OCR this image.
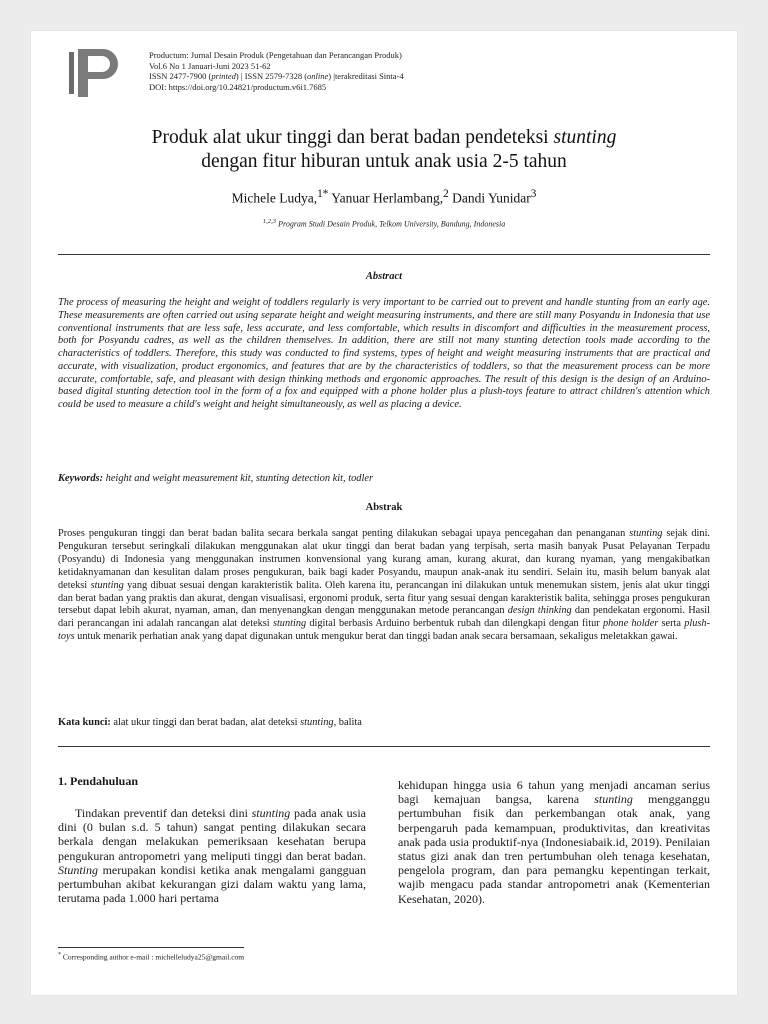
Productum: Jurnal Desain Produk (Pengetahuan dan Perancangan Produk)
Vol.6 No 1 Januari-Juni 2023 51-62
ISSN 2477-7900 (printed) | ISSN 2579-7328 (online) |terakreditasi Sinta-4
DOI: https://doi.org/10.24821/productum.v6i1.7685
Produk alat ukur tinggi dan berat badan pendeteksi stunting
dengan fitur hiburan untuk anak usia 2-5 tahun
Michele Ludya,$^{1*}$ Yanuar Herlambang,$^2$ Dandi Yunidar$^3$
$^{1,2,3}$ Program Studi Desain Produk, Telkom University, Bandung, Indonesia
Abstract
The process of measuring the height and weight of toddlers regularly is very important to be carried out to prevent and handle stunting from an early age. These measurements are often carried out using separate height and weight measuring instruments, and there are still many Posyandu in Indonesia that use conventional instruments that are less safe, less accurate, and less comfortable, which results in discomfort and difficulties in the measurement process, both for Posyandu cadres, as well as the children themselves. In addition, there are still not many stunting detection tools made according to the characteristics of toddlers. Therefore, this study was conducted to find systems, types of height and weight measuring instruments that are practical and accurate, with visualization, product ergonomics, and features that are by the characteristics of toddlers, so that the measurement process can be more accurate, comfortable, safe, and pleasant with design thinking methods and ergonomic approaches. The result of this design is the design of an Arduino-based digital stunting detection tool in the form of a fox and equipped with a phone holder plus a plush-toys feature to attract children's attention which could be used to measure a child's weight and height simultaneously, as well as placing a device.
Keywords: height and weight measurement kit, stunting detection kit, todler
Abstrak
Proses pengukuran tinggi dan berat badan balita secara berkala sangat penting dilakukan sebagai upaya pencegahan dan penanganan stunting sejak dini. Pengukuran tersebut seringkali dilakukan menggunakan alat ukur tinggi dan berat badan yang terpisah, serta masih banyak Pusat Pelayanan Terpadu (Posyandu) di Indonesia yang menggunakan instrumen konvensional yang kurang aman, kurang akurat, dan kurang nyaman, yang mengakibatkan ketidaknyamanan dan kesulitan dalam proses pengukuran, baik bagi kader Posyandu, maupun anak-anak itu sendiri. Selain itu, masih belum banyak alat deteksi stunting yang dibuat sesuai dengan karakteristik balita. Oleh karena itu, perancangan ini dilakukan untuk menemukan sistem, jenis alat ukur tinggi dan berat badan yang praktis dan akurat, dengan visualisasi, ergonomi produk, serta fitur yang sesuai dengan karakteristik balita, sehingga proses pengukuran tersebut dapat lebih akurat, nyaman, aman, dan menyenangkan dengan menggunakan metode perancangan design thinking dan pendekatan ergonomi. Hasil dari perancangan ini adalah rancangan alat deteksi stunting digital berbasis Arduino berbentuk rubah dan dilengkapi dengan fitur phone holder serta plush-toys untuk menarik perhatian anak yang dapat digunakan untuk mengukur berat dan tinggi badan anak secara bersamaan, sekaligus meletakkan gawai.
Kata kunci: alat ukur tinggi dan berat badan, alat deteksi stunting, balita
1. Pendahuluan
Tindakan preventif dan deteksi dini stunting pada anak usia dini (0 bulan s.d. 5 tahun) sangat penting dilakukan secara berkala dengan melakukan pemeriksaan kesehatan berupa pengukuran antropometri yang meliputi tinggi dan berat badan. Stunting merupakan kondisi ketika anak mengalami gangguan pertumbuhan akibat kekurangan gizi dalam waktu yang lama, terutama pada 1.000 hari pertama
kehidupan hingga usia 6 tahun yang menjadi ancaman serius bagi kemajuan bangsa, karena stunting mengganggu pertumbuhan fisik dan perkembangan otak anak, yang berpengaruh pada kemampuan, produktivitas, dan kreativitas anak pada usia produktif-nya (Indonesiabaik.id, 2019). Penilaian status gizi anak dan tren pertumbuhan oleh tenaga kesehatan, pengelola program, dan para pemangku kepentingan terkait, wajib mengacu pada standar antropometri anak (Kementerian Kesehatan, 2020).
* Corresponding author e-mail : michelleludya25@gmail.com
